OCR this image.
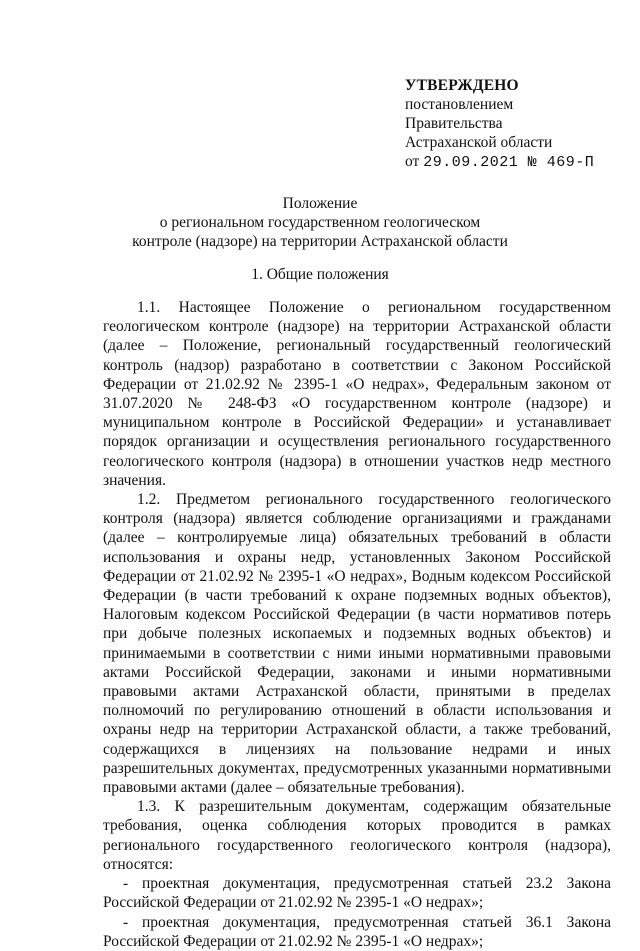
УТВЕРЖДЕНО
постановлением
Правительства
Астраханской области
от 29.09.2021 № 469-П
Положение
о региональном государственном геологическом
контроле (надзоре) на территории Астраханской области
1. Общие положения

1.1. Настоящее Положение о региональном государственном геологическом контроле (надзоре) на территории Астраханской области (далее – Положение, региональный государственный геологический контроль (надзор) разработано в соответствии с Законом Российской Федерации от 21.02.92 № 2395-1 «О недрах», Федеральным законом от 31.07.2020 № 248-ФЗ «О государственном контроле (надзоре) и муниципальном контроле в Российской Федерации» и устанавливает порядок организации и осуществления регионального государственного геологического контроля (надзора) в отношении участков недр местного значения.

1.2. Предметом регионального государственного геологического контроля (надзора) является соблюдение организациями и гражданами (далее – контролируемые лица) обязательных требований в области использования и охраны недр, установленных Законом Российской Федерации от 21.02.92 № 2395-1 «О недрах», Водным кодексом Российской Федерации (в части требований к охране подземных водных объектов), Налоговым кодексом Российской Федерации (в части нормативов потерь при добыче полезных ископаемых и подземных водных объектов) и принимаемыми в соответствии с ними иными нормативными правовыми актами Российской Федерации, законами и иными нормативными правовыми актами Астраханской области, принятыми в пределах полномочий по регулированию отношений в области использования и охраны недр на территории Астраханской области, а также требований, содержащихся в лицензиях на пользование недрами и иных разрешительных документах, предусмотренных указанными нормативными правовыми актами (далее – обязательные требования).

1.3. К разрешительным документам, содержащим обязательные требования, оценка соблюдения которых проводится в рамках регионального государственного геологического контроля (надзора), относятся:

- проектная документация, предусмотренная статьей 23.2 Закона Российской Федерации от 21.02.92 № 2395-1 «О недрах»;

- проектная документация, предусмотренная статьей 36.1 Закона Российской Федерации от 21.02.92 № 2395-1 «О недрах»;
